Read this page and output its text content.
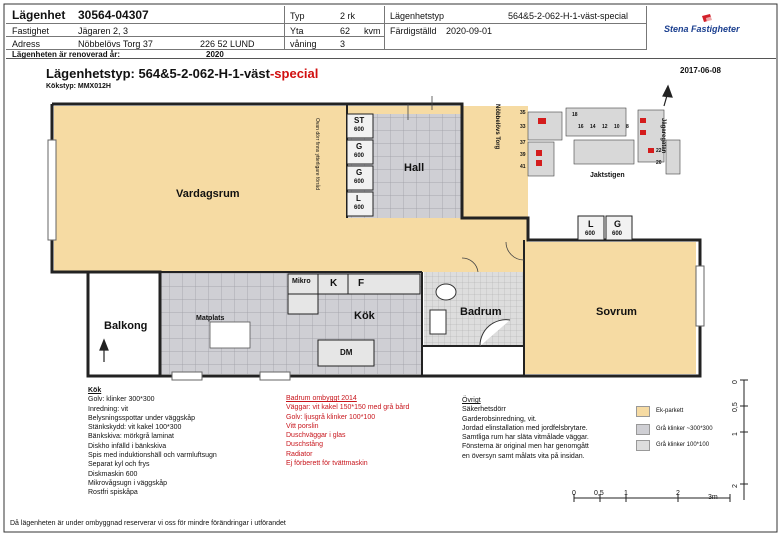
Lägenhet 30564-04307
Fastighet	Jägaren 2, 3
Adress	Nöbbelövs Torg 37	226 52 LUND
Typ	2 rk
Yta	62 kvm
våning	3
Lägenhetstyp	564&5-2-062-H-1-väst-special
Färdigställd 2020-09-01
Lägenheten är renoverad år:	2020
Stena Fastigheter
Lägenhetstyp: 564&5-2-062-H-1-väst-special
Kökstyp: MMX012H
2017-06-08
Vardagsrum
Hall
Kök	Badrum	Sovrum
Balkong
Matplats
Mikro K F
DM
ST
600
G
600
G
600
L
600
L
600
G
600
Ovan dörr finns ytterligare förråd	Nöbbelövs Torg	Jägaregatan
Jaktstigen
35
33
37
39
41
18
14 12
16	10 8
22
20
Kök
Golv: klinker 300*300
Inredning: vit
Belysningsspottar under väggskåp
Stänkskydd: vit kakel 100*300
Bänkskiva: mörkgrå laminat
Diskho infälld i bänkskiva
Spis med induktionshäll och varmluftsugn
Separat kyl och frys
Diskmaskin 600
Mikrovågsugn i väggskåp
Rostfri spiskåpa
Badrum ombyggt 2014
Väggar: vit kakel 150*150 med grå bård
Golv: ljusgrå klinker 100*100
Vitt porslin
Duschväggar i glas
Duschstång
Radiator
Ej förberett för tvättmaskin
Övrigt
Säkerhetsdörr
Garderobsinredning, vit.
Jordad elinstallation med jordfelsbrytare.
Samtliga rum har släta vitmålade väggar.
Fönsterna är original men har genomgått
en översyn samt målats vita på insidan.
Ek-parkett
Grå klinker ~300*300
Grå klinker 100*100
0	0,5	1	2
3m
0
0,5
1
2
Då lägenheten är under ombyggnad reserverar vi oss för mindre förändringar i utförandet
